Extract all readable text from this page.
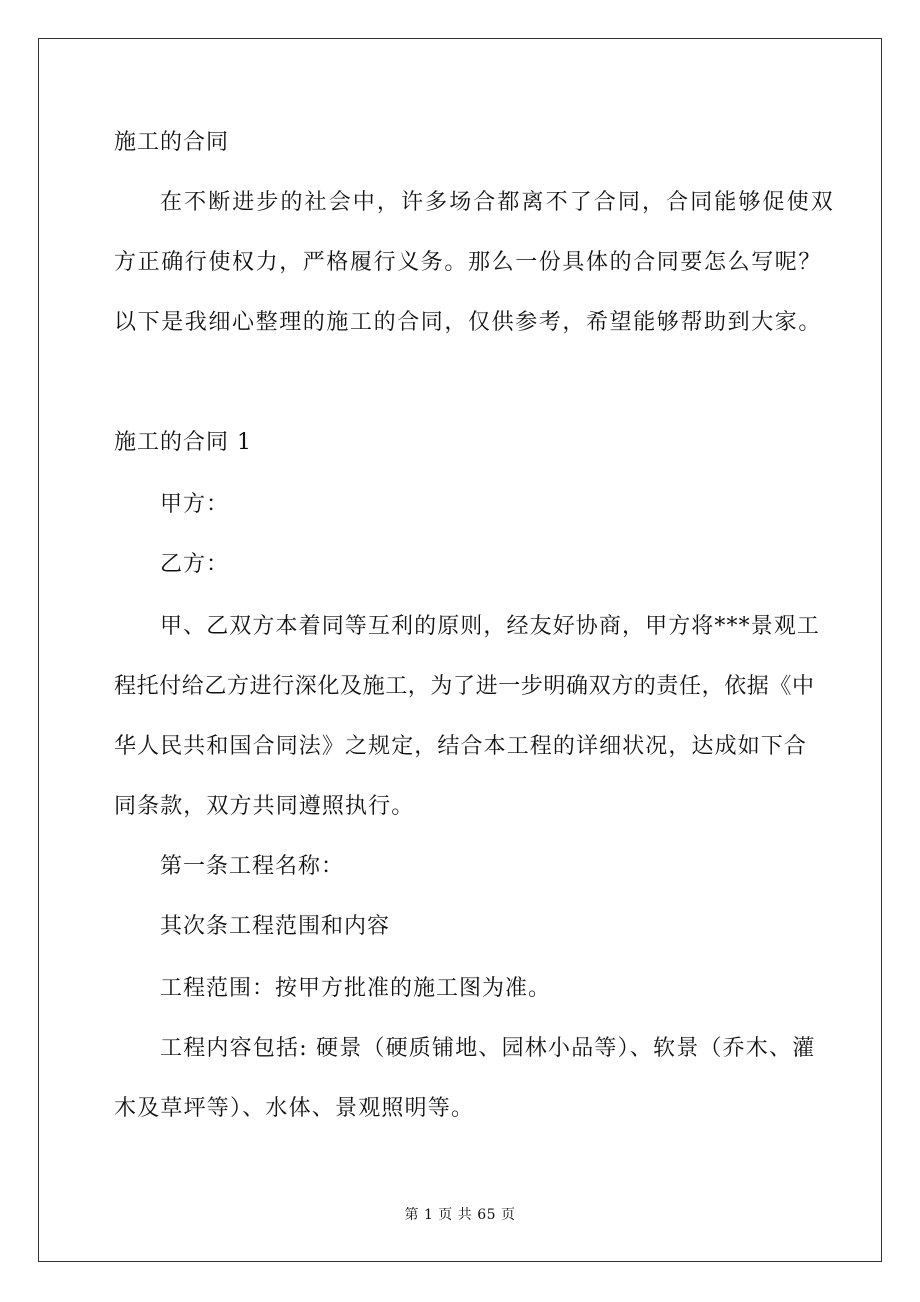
施工的合同
在不断进步的社会中，许多场合都离不了合同，合同能够促使双
方正确行使权力，严格履行义务。那么一份具体的合同要怎么写呢？
以下是我细心整理的施工的合同，仅供参考，希望能够帮助到大家。
施工的合同 1
甲方：
乙方：
甲、乙双方本着同等互利的原则，经友好协商，甲方将***景观工
程托付给乙方进行深化及施工，为了进一步明确双方的责任，依据《中
华人民共和国合同法》之规定，结合本工程的详细状况，达成如下合
同条款，双方共同遵照执行。
第一条工程名称：
其次条工程范围和内容
工程范围：按甲方批准的施工图为准。
工程内容包括: 硬景（硬质铺地、园林小品等）、软景（乔木、灌
木及草坪等）、水体、景观照明等。
第 1 页 共 65 页
